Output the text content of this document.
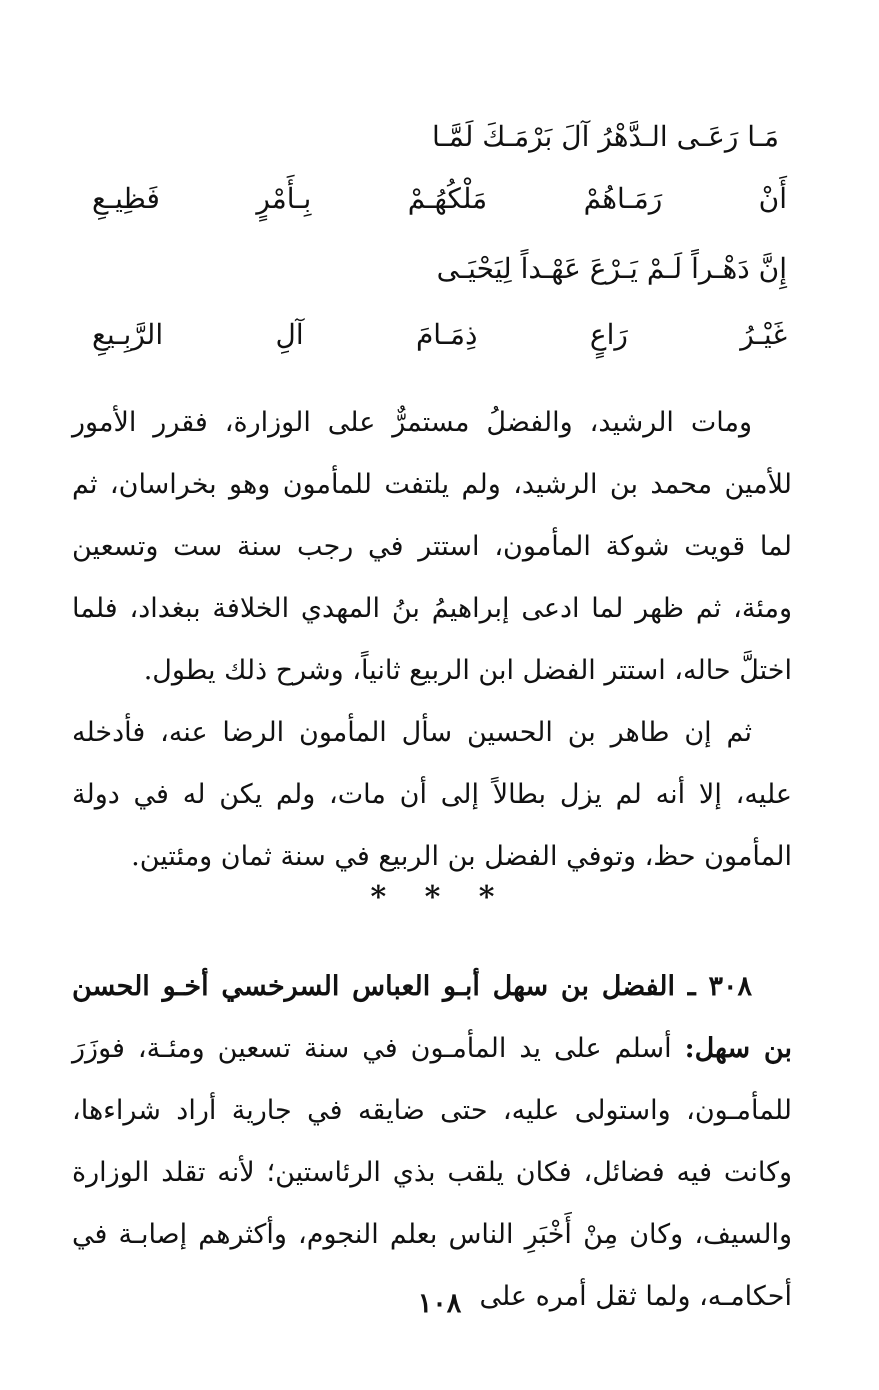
مَـا رَعَـى الـدَّهْرُ آلَ بَرْمَـكَ لَمَّـا
أَنْ رَمَـاهُمْ مَلْكُهُـمْ بِـأَمْرٍ فَظِيـعِ
إِنَّ دَهْـراً لَـمْ يَـرْعَ عَهْـداً لِيَحْيَـى
غَيْـرُ رَاعٍ ذِمَـامَ آلِ الرَّبِـيعِ

ومات الرشيد، والفضلُ مستمرٌّ على الوزارة، فقرر الأمور للأمين محمد بن الرشيد، ولم يلتفت للمأمون وهو بخراسان، ثم لما قويت شوكة المأمون، استتر في رجب سنة ست وتسعين ومئة، ثم ظهر لما ادعى إبراهيمُ بنُ المهدي الخلافة ببغداد، فلما اختلَّ حاله، استتر الفضل ابن الربيع ثانياً، وشرح ذلك يطول.

ثم إن طاهر بن الحسين سأل المأمون الرضا عنه، فأدخله عليه، إلا أنه لم يزل بطالاً إلى أن مات، ولم يكن له في دولة المأمون حظ، وتوفي الفضل بن الربيع في سنة ثمان ومئتين.

* * *

٣٠٨ ـ الفضل بن سهل أبـو العباس السرخسي أخـو الحسن بن سهل: أسلم على يد المأمـون في سنة تسعين ومئـة، فوزَرَ للمأمـون، واستولى عليه، حتى ضايقه في جارية أراد شراءها، وكانت فيه فضائل، فكان يلقب بذي الرئاستين؛ لأنه تقلد الوزارة والسيف، وكان مِنْ أَخْبَرِ الناس بعلم النجوم، وأكثرهم إصابـة في أحكامـه، ولما ثقل أمره على

١٠٨
